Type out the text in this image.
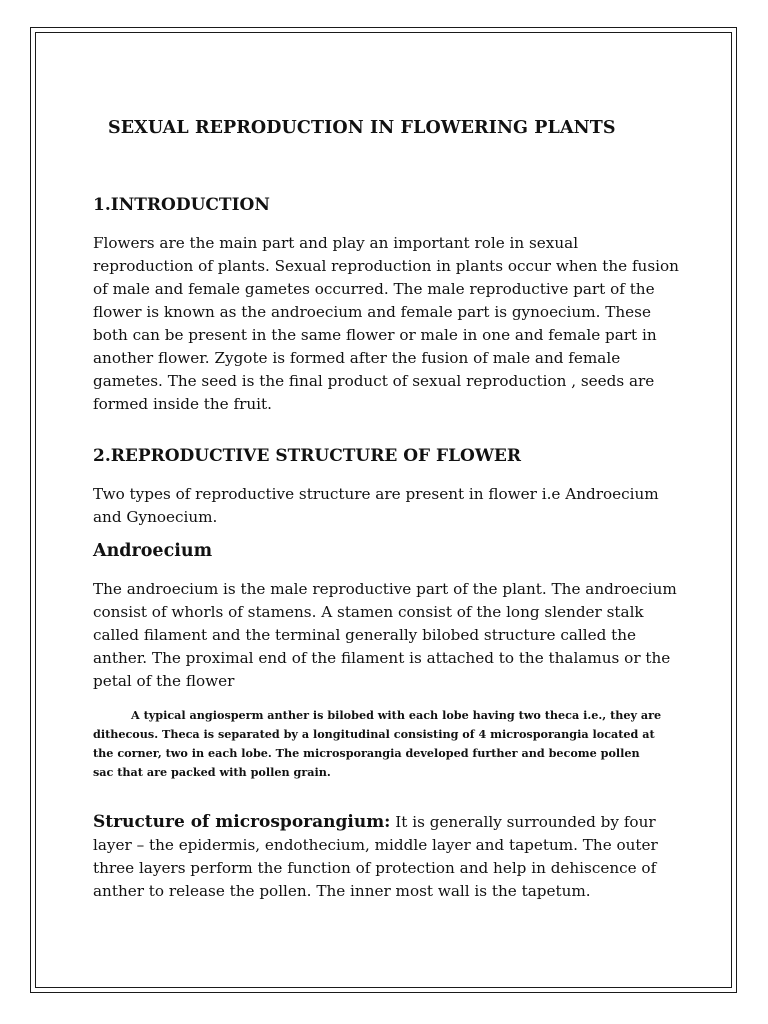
SEXUAL REPRODUCTION IN FLOWERING PLANTS
1.INTRODUCTION

Flowers are the main part and play an important role in sexual

reproduction of plants. Sexual reproduction in plants occur when the fusion

of male and female gametes occurred. The male reproductive part of the

flower is known as the androecium and female part is gynoecium. These

both can be present in the same flower or male in one and female part in

another flower. Zygote is formed after the fusion of male and female

gametes. The seed is the final product of sexual reproduction , seeds are

formed inside the fruit.

2.REPRODUCTIVE STRUCTURE OF FLOWER

Two types of reproductive structure are present in flower i.e Androecium

and Gynoecium.

Androecium

The androecium is the male reproductive part of the plant. The androecium

consist of whorls of stamens. A stamen consist of the long slender stalk

called filament and the terminal generally bilobed structure called the

anther. The proximal end of the filament is attached to the thalamus or the

petal of the flower

A typical angiosperm anther is bilobed with each lobe having two theca i.e., they are

dithecous. Theca is separated by a longitudinal consisting of 4 microsporangia located at

the corner, two in each lobe. The microsporangia developed further and become pollen

sac that are packed with pollen grain.

Structure of microsporangium: It is generally surrounded by four

layer – the epidermis, endothecium, middle layer and tapetum. The outer

three layers perform the function of protection and help in dehiscence of

anther to release the pollen. The inner most wall is the tapetum.
